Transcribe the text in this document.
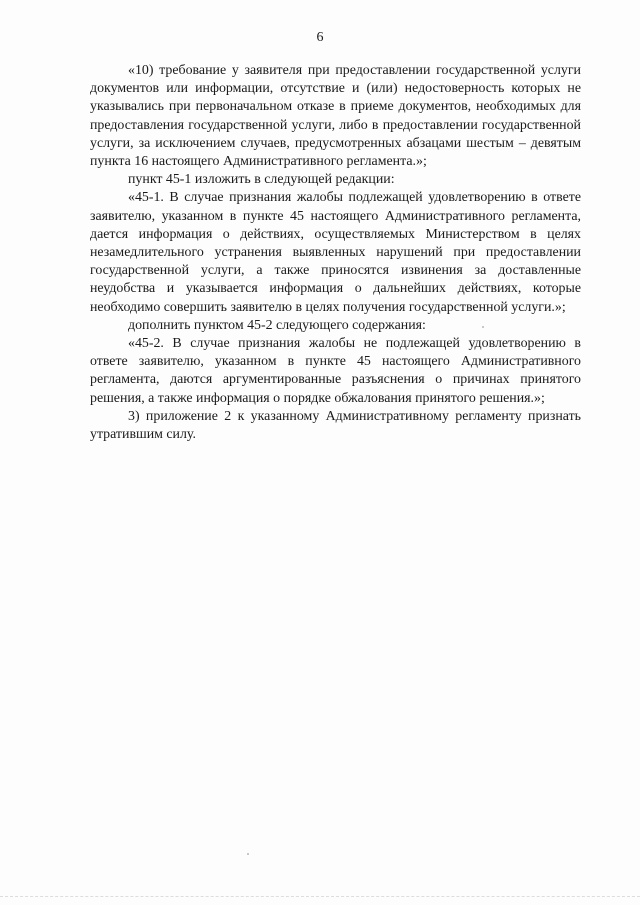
6

«10) требование у заявителя при предоставлении государственной услуги документов или информации, отсутствие и (или) недостоверность которых не указывались при первоначальном отказе в приеме документов, необходимых для предоставления государственной услуги, либо в предоставлении государственной услуги, за исключением случаев, предусмотренных абзацами шестым – девятым пункта 16 настоящего Административного регламента.»;

пункт 45-1 изложить в следующей редакции:

«45-1. В случае признания жалобы подлежащей удовлетворению в ответе заявителю, указанном в пункте 45 настоящего Административного регламента, дается информация о действиях, осуществляемых Министерством в целях незамедлительного устранения выявленных нарушений при предоставлении государственной услуги, а также приносятся извинения за доставленные неудобства и указывается информация о дальнейших действиях, которые необходимо совершить заявителю в целях получения государственной услуги.»;

дополнить пунктом 45-2 следующего содержания:

«45-2. В случае признания жалобы не подлежащей удовлетворению в ответе заявителю, указанном в пункте 45 настоящего Административного регламента, даются аргументированные разъяснения о причинах принятого решения, а также информация о порядке обжалования принятого решения.»;

3) приложение 2 к указанному Административному регламенту признать утратившим силу.
